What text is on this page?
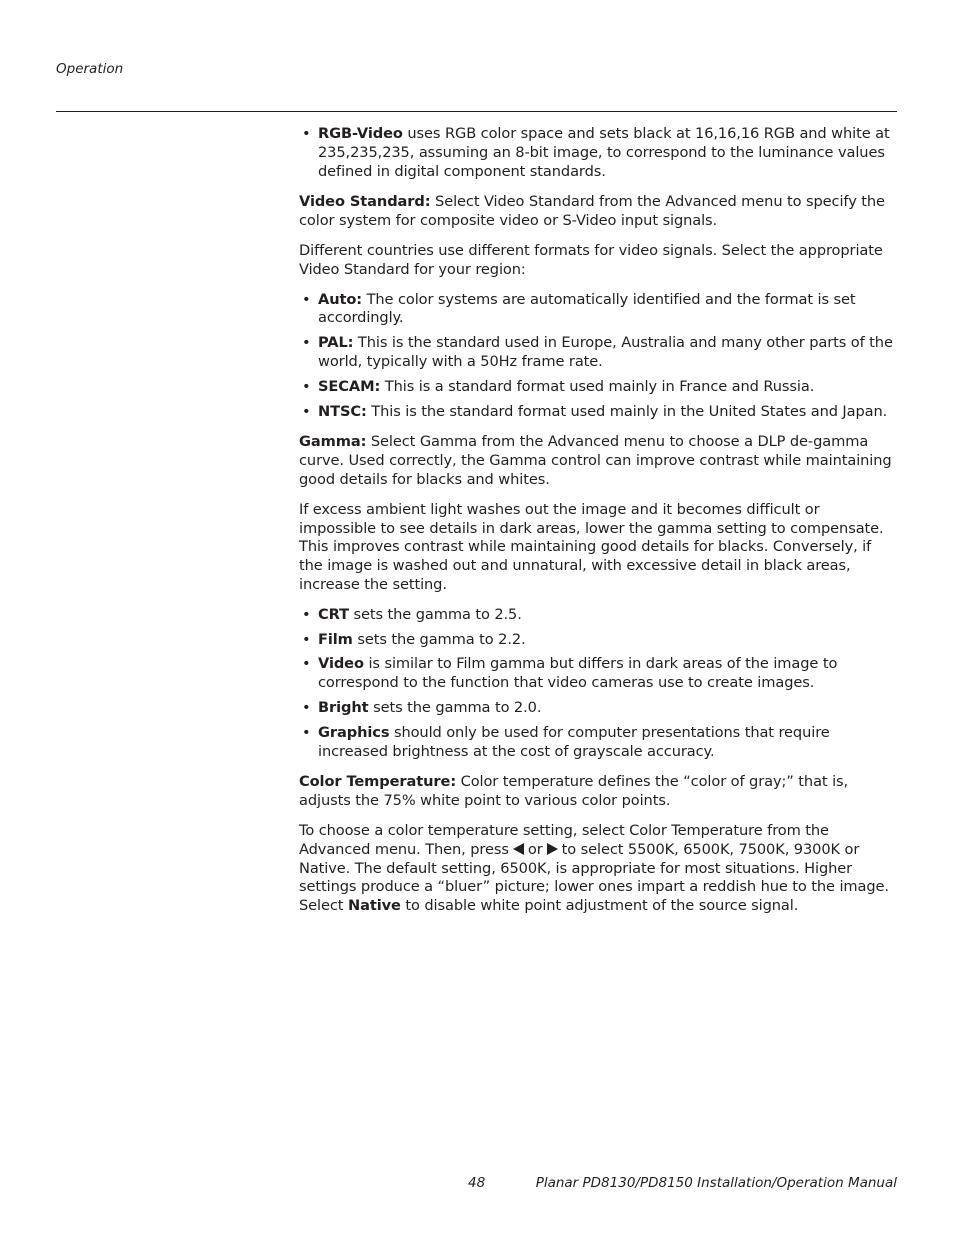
Operation
• RGB-Video uses RGB color space and sets black at 16,16,16 RGB and white at 235,235,235, assuming an 8-bit image, to correspond to the luminance values defined in digital component standards.

Video Standard: Select Video Standard from the Advanced menu to specify the color system for composite video or S-Video input signals.

Different countries use different formats for video signals. Select the appropriate Video Standard for your region:

• Auto: The color systems are automatically identified and the format is set accordingly.
• PAL: This is the standard used in Europe, Australia and many other parts of the world, typically with a 50Hz frame rate.
• SECAM: This is a standard format used mainly in France and Russia.
• NTSC: This is the standard format used mainly in the United States and Japan.

Gamma: Select Gamma from the Advanced menu to choose a DLP de-gamma curve. Used correctly, the Gamma control can improve contrast while maintaining good details for blacks and whites.

If excess ambient light washes out the image and it becomes difficult or impossible to see details in dark areas, lower the gamma setting to compensate. This improves contrast while maintaining good details for blacks. Conversely, if the image is washed out and unnatural, with excessive detail in black areas, increase the setting.

• CRT sets the gamma to 2.5.
• Film sets the gamma to 2.2.
• Video is similar to Film gamma but differs in dark areas of the image to correspond to the function that video cameras use to create images.
• Bright sets the gamma to 2.0.
• Graphics should only be used for computer presentations that require increased brightness at the cost of grayscale accuracy.

Color Temperature: Color temperature defines the “color of gray;” that is, adjusts the 75% white point to various color points.

To choose a color temperature setting, select Color Temperature from the Advanced menu. Then, press or to select 5500K, 6500K, 7500K, 9300K or Native. The default setting, 6500K, is appropriate for most situations. Higher settings produce a “bluer” picture; lower ones impart a reddish hue to the image. Select Native to disable white point adjustment of the source signal.

48	Planar PD8130/PD8150 Installation/Operation Manual
